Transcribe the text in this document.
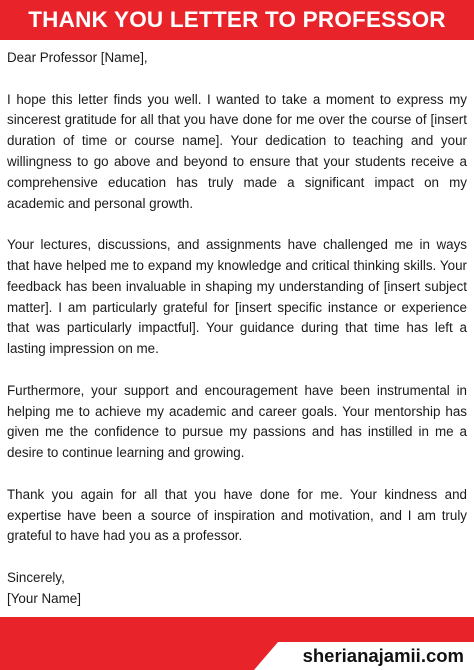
THANK YOU LETTER TO PROFESSOR

Dear Professor [Name],

I hope this letter finds you well. I wanted to take a moment to express my sincerest gratitude for all that you have done for me over the course of [insert duration of time or course name]. Your dedication to teaching and your willingness to go above and beyond to ensure that your students receive a comprehensive education has truly made a significant impact on my academic and personal growth.

Your lectures, discussions, and assignments have challenged me in ways that have helped me to expand my knowledge and critical thinking skills. Your feedback has been invaluable in shaping my understanding of [insert subject matter]. I am particularly grateful for [insert specific instance or experience that was particularly impactful]. Your guidance during that time has left a lasting impression on me.

Furthermore, your support and encouragement have been instrumental in helping me to achieve my academic and career goals. Your mentorship has given me the confidence to pursue my passions and has instilled in me a desire to continue learning and growing.

Thank you again for all that you have done for me. Your kindness and expertise have been a source of inspiration and motivation, and I am truly grateful to have had you as a professor.

Sincerely,

[Your Name]

sherianajamii.com
